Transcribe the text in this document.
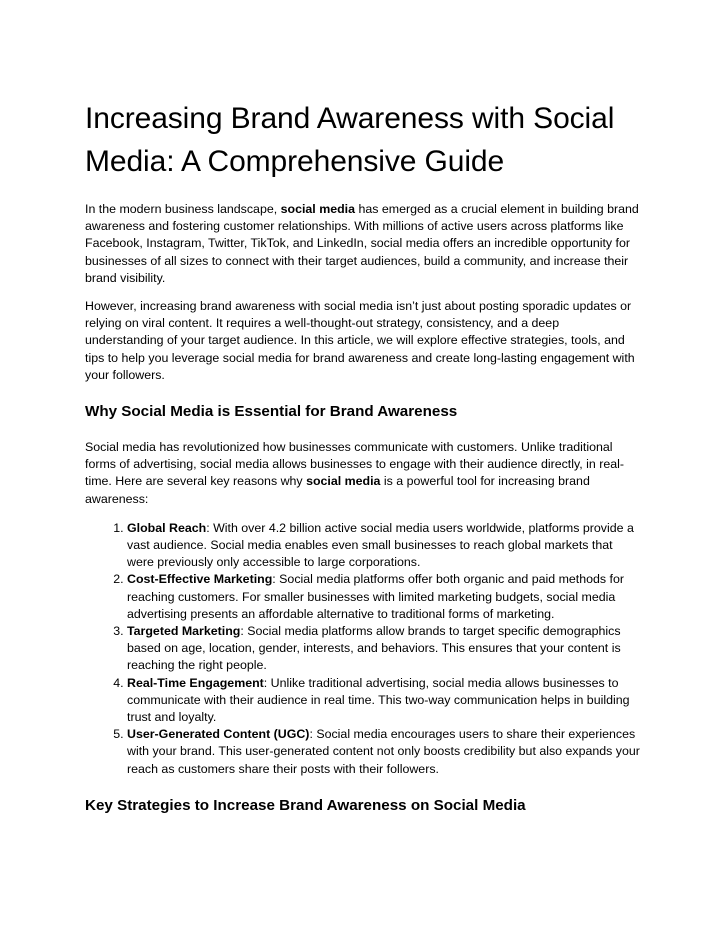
Increasing Brand Awareness with Social Media: A Comprehensive Guide

In the modern business landscape, social media has emerged as a crucial element in building brand awareness and fostering customer relationships. With millions of active users across platforms like Facebook, Instagram, Twitter, TikTok, and LinkedIn, social media offers an incredible opportunity for businesses of all sizes to connect with their target audiences, build a community, and increase their brand visibility.

However, increasing brand awareness with social media isn’t just about posting sporadic updates or relying on viral content. It requires a well-thought-out strategy, consistency, and a deep understanding of your target audience. In this article, we will explore effective strategies, tools, and tips to help you leverage social media for brand awareness and create long-lasting engagement with your followers.

Why Social Media is Essential for Brand Awareness

Social media has revolutionized how businesses communicate with customers. Unlike traditional forms of advertising, social media allows businesses to engage with their audience directly, in real-time. Here are several key reasons why social media is a powerful tool for increasing brand awareness:

1. Global Reach: With over 4.2 billion active social media users worldwide, platforms provide a vast audience. Social media enables even small businesses to reach global markets that were previously only accessible to large corporations.
2. Cost-Effective Marketing: Social media platforms offer both organic and paid methods for reaching customers. For smaller businesses with limited marketing budgets, social media advertising presents an affordable alternative to traditional forms of marketing.
3. Targeted Marketing: Social media platforms allow brands to target specific demographics based on age, location, gender, interests, and behaviors. This ensures that your content is reaching the right people.
4. Real-Time Engagement: Unlike traditional advertising, social media allows businesses to communicate with their audience in real time. This two-way communication helps in building trust and loyalty.
5. User-Generated Content (UGC): Social media encourages users to share their experiences with your brand. This user-generated content not only boosts credibility but also expands your reach as customers share their posts with their followers.
Key Strategies to Increase Brand Awareness on Social Media
